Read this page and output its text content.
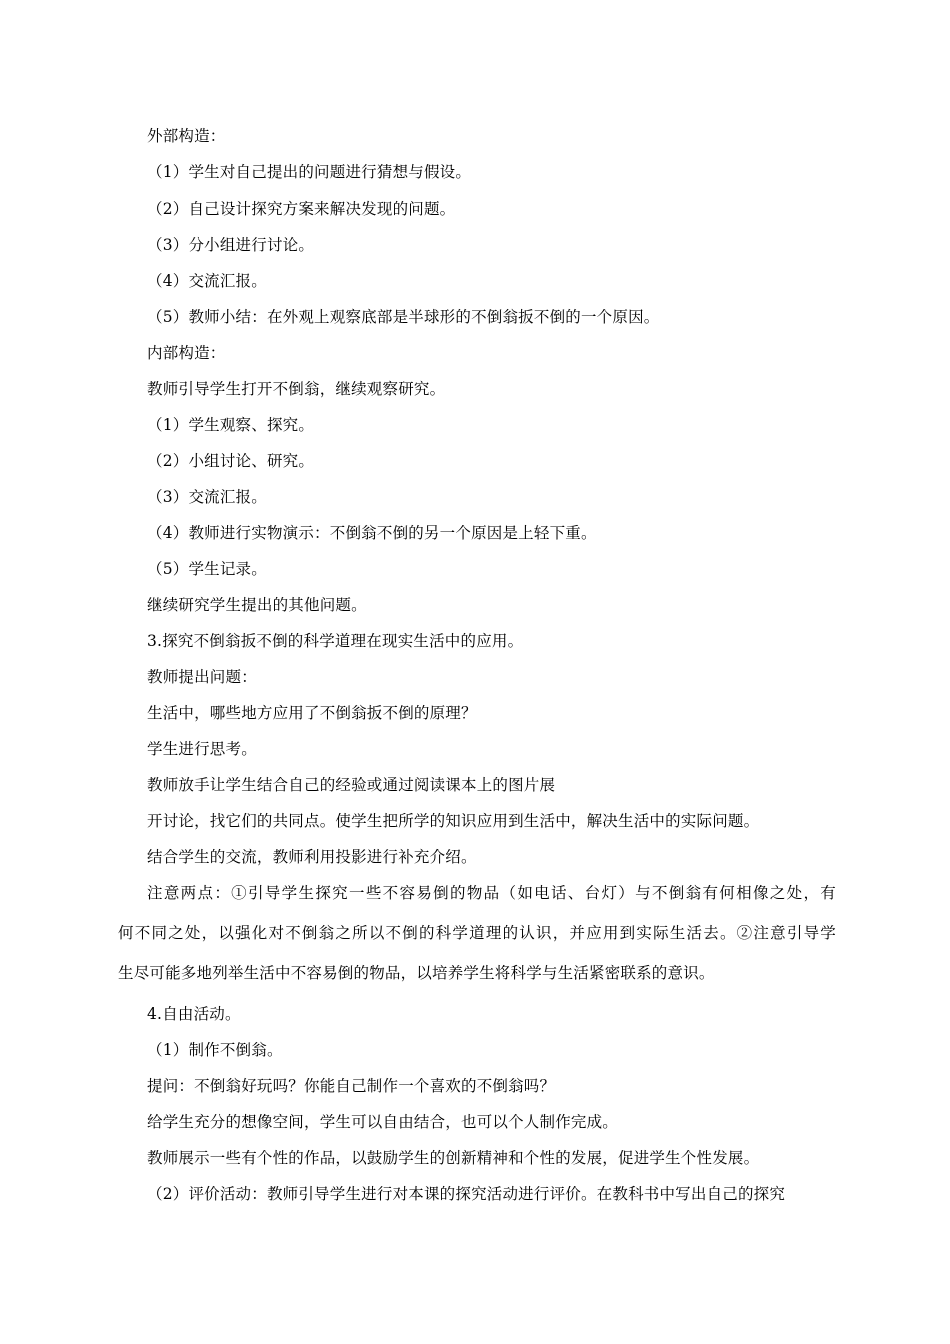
外部构造：
（1）学生对自己提出的问题进行猜想与假设。
（2）自己设计探究方案来解决发现的问题。
（3）分小组进行讨论。
（4）交流汇报。
（5）教师小结：在外观上观察底部是半球形的不倒翁扳不倒的一个原因。
内部构造：
教师引导学生打开不倒翁，继续观察研究。
（1）学生观察、探究。
（2）小组讨论、研究。
（3）交流汇报。
（4）教师进行实物演示：不倒翁不倒的另一个原因是上轻下重。
（5）学生记录。
继续研究学生提出的其他问题。
3.探究不倒翁扳不倒的科学道理在现实生活中的应用。
教师提出问题：
生活中，哪些地方应用了不倒翁扳不倒的原理？
学生进行思考。
教师放手让学生结合自己的经验或通过阅读课本上的图片展
开讨论，找它们的共同点。使学生把所学的知识应用到生活中，解决生活中的实际问题。
结合学生的交流，教师利用投影进行补充介绍。
注意两点：①引导学生探究一些不容易倒的物品（如电话、台灯）与不倒翁有何相像之处，有
何不同之处，以强化对不倒翁之所以不倒的科学道理的认识，并应用到实际生活去。②注意引导学
生尽可能多地列举生活中不容易倒的物品，以培养学生将科学与生活紧密联系的意识。
4.自由活动。
（1）制作不倒翁。
提问：不倒翁好玩吗？你能自己制作一个喜欢的不倒翁吗？
给学生充分的想像空间，学生可以自由结合，也可以个人制作完成。
教师展示一些有个性的作品，以鼓励学生的创新精神和个性的发展，促进学生个性发展。
（2）评价活动：教师引导学生进行对本课的探究活动进行评价。在教科书中写出自己的探究
